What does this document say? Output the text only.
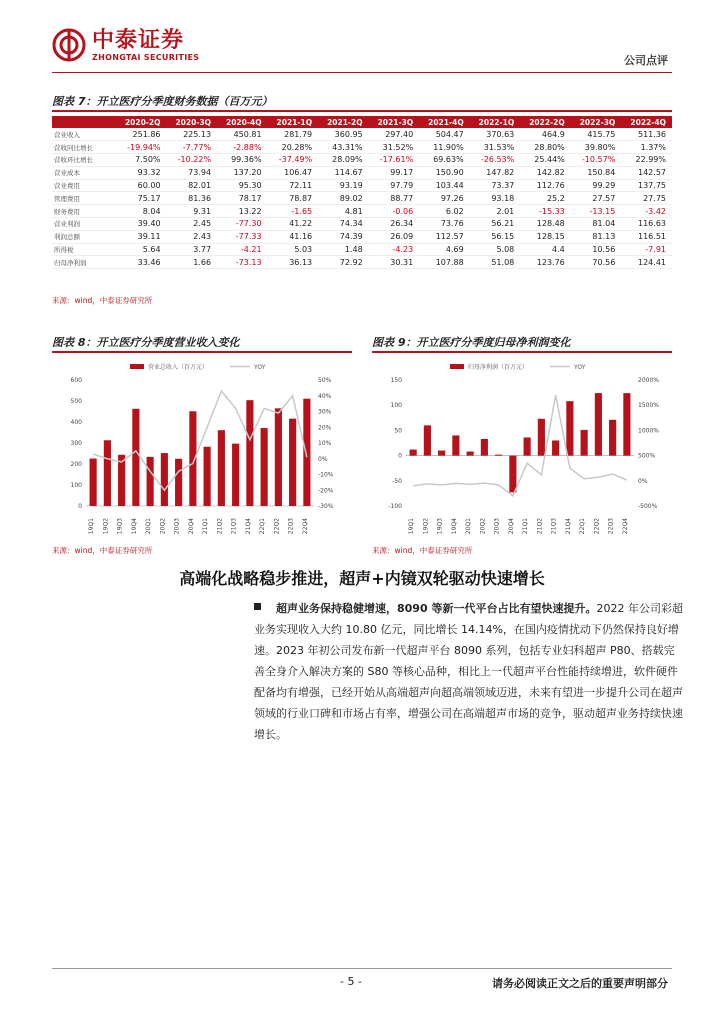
中泰证券
ZHONGTAI SECURITIES	公司点评
图表 7：开立医疗分季度财务数据（百万元）
	2020-2Q	2020-3Q	2020-4Q	2021-1Q	2021-2Q	2021-3Q	2021-4Q	2022-1Q	2022-2Q	2022-3Q	2022-4Q
营业收入	251.86	225.13	450.81	281.79	360.95	297.40	504.47	370.63	464.9	415.75	511.36
营收同比增长	-19.94%	-7.77%	-2.88%	20.28%	43.31%	31.52%	11.90%	31.53%	28.80%	39.80%	1.37%
营收环比增长	7.50%	-10.22%	99.36%	-37.49%	28.09%	-17.61%	69.63%	-26.53%	25.44%	-10.57%	22.99%
营业成本	93.32	73.94	137.20	106.47	114.67	99.17	150.90	147.82	142.82	150.84	142.57
营业费用	60.00	82.01	95.30	72.11	93.19	97.79	103.44	73.37	112.76	99.29	137.75
管理费用	75.17	81.36	78.17	78.87	89.02	88.77	97.26	93.18	25.2	27.57	27.75
财务费用	8.04	9.31	13.22	-1.65	4.81	-0.06	6.02	2.01	-15.33	-13.15	-3.42
营业利润	39.40	2.45	-77.30	41.22	74.34	26.34	73.76	56.21	128.48	81.04	116.63
利润总额	39.11	2.43	-77.33	41.16	74.39	26.09	112.57	56.15	128.15	81.13	116.51
所得税	5.64	3.77	-4.21	5.03	1.48	-4.23	4.69	5.08	4.4	10.56	-7.91
归母净利润	33.46	1.66	-73.13	36.13	72.92	30.31	107.88	51.08	123.76	70.56	124.41
来源：wind，中泰证券研究所
图表 8：开立医疗分季度营业收入变化
营业总收入（百万元）	YOY
0
100
200
300
400
500
600
-30%
-20%
-10%
0%
10%
20%
30%
40%
50%
19Q1 19Q2 19Q3 19Q4 20Q1 20Q2 20Q3 20Q4 21Q1 21Q2 21Q3 21Q4 22Q1 22Q2 22Q3 22Q4
来源：wind，中泰证券研究所
图表 9：开立医疗分季度归母净利润变化
归母净利润（百万元）	YOY
-100
-50
0
50
100
150
-500%
0%
500%
1000%
1500%
2000%
19Q1 19Q2 19Q3 19Q4 20Q1 20Q2 20Q3 20Q4 21Q1 21Q2 21Q3 21Q4 22Q1 22Q2 22Q3 22Q4
来源：wind，中泰证券研究所
高端化战略稳步推进，超声+内镜双轮驱动快速增长
超声业务保持稳健增速，8090 等新一代平台占比有望快速提升。2022 年公司彩超业务实现收入大约 10.80 亿元，同比增长 14.14%，在国内疫情扰动下仍然保持良好增速。2023 年初公司发布新一代超声平台 8090 系列，包括专业妇科超声 P80、搭载完善全身介入解决方案的 S80 等核心品种，相比上一代超声平台性能持续增进，软件硬件配备均有增强，已经开始从高端超声向超高端领域迈进，未来有望进一步提升公司在超声领域的行业口碑和市场占有率，增强公司在高端超声市场的竞争，驱动超声业务持续快速增长。
- 5 -	请务必阅读正文之后的重要声明部分
